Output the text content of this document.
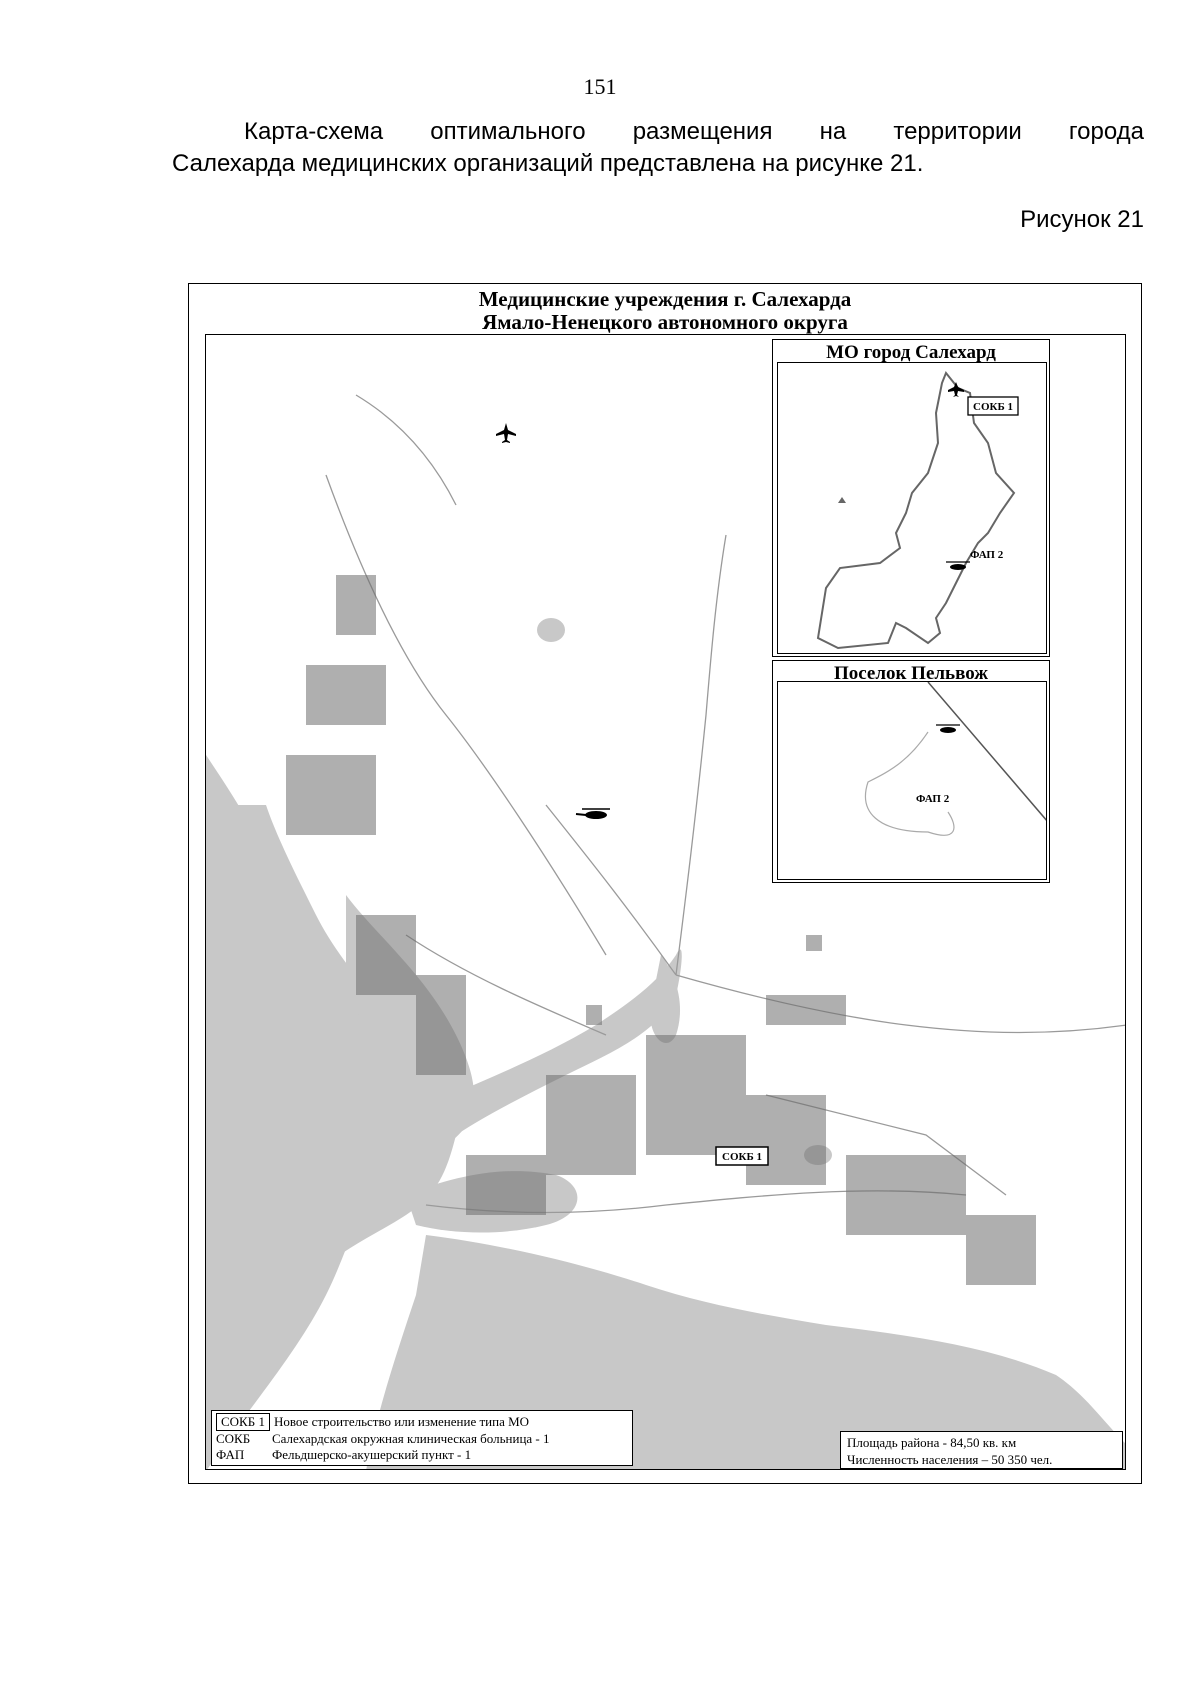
151
Карта-схема оптимального размещения на территории города
Салехарда медицинских организаций представлена на рисунке 21.
Рисунок 21
Медицинские учреждения г. Салехарда
Ямало-Ненецкого автономного округа
СОКБ 1
МО город Салехард
СОКБ 1
ФАП 2
Поселок Пельвож
ФАП 2
СОКБ 1 Новое строительство или изменение типа МО
СОКБ Салехардская окружная клиническая больница - 1
ФАП Фельдшерско-акушерский пункт - 1
Площадь района - 84,50 кв. км
Численность населения – 50 350 чел.
